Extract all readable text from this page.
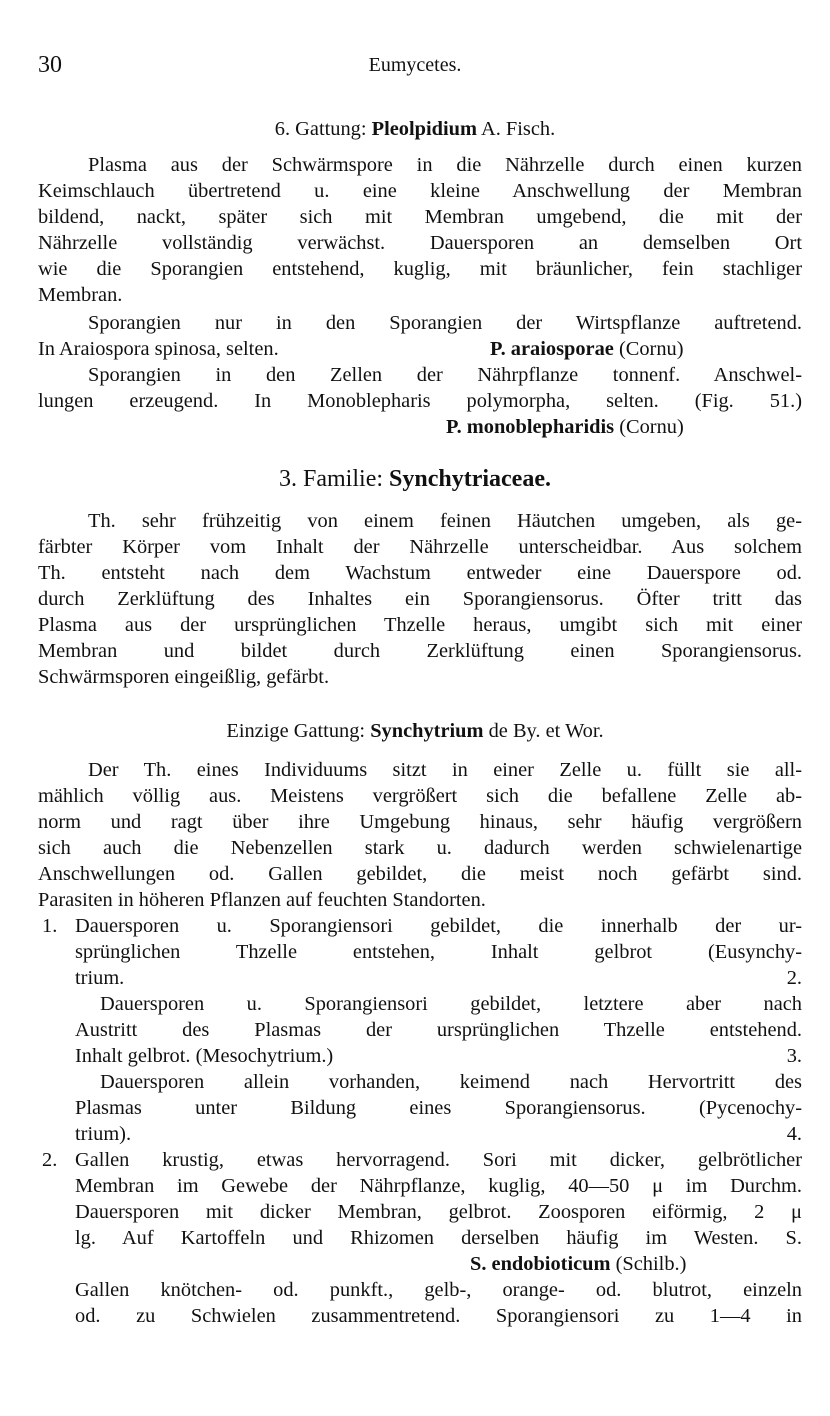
30	Eumycetes.
6. Gattung: Pleolpidium A. Fisch.
Plasma aus der Schwärmspore in die Nährzelle durch einen kurzen
Keimschlauch übertretend u. eine kleine Anschwellung der Membran
bildend, nackt, später sich mit Membran umgebend, die mit der
Nährzelle vollständig verwächst. Dauersporen an demselben Ort
wie die Sporangien entstehend, kuglig, mit bräunlicher, fein stachliger
Membran.
Sporangien nur in den Sporangien der Wirtspflanze auftretend.
In Araiospora spinosa, selten.	P. araiosporae (Cornu)
Sporangien in den Zellen der Nährpflanze tonnenf. Anschwel-
lungen erzeugend. In Monoblepharis polymorpha, selten. (Fig. 51.)
P. monoblepharidis (Cornu)
3. Familie: Synchytriaceae.
Th. sehr frühzeitig von einem feinen Häutchen umgeben, als ge-
färbter Körper vom Inhalt der Nährzelle unterscheidbar. Aus solchem
Th. entsteht nach dem Wachstum entweder eine Dauerspore od.
durch Zerklüftung des Inhaltes ein Sporangiensorus. Öfter tritt das
Plasma aus der ursprünglichen Thzelle heraus, umgibt sich mit einer
Membran und bildet durch Zerklüftung einen Sporangiensorus.
Schwärmsporen eingeißlig, gefärbt.
Einzige Gattung: Synchytrium de By. et Wor.
Der Th. eines Individuums sitzt in einer Zelle u. füllt sie all-
mählich völlig aus. Meistens vergrößert sich die befallene Zelle ab-
norm und ragt über ihre Umgebung hinaus, sehr häufig vergrößern
sich auch die Nebenzellen stark u. dadurch werden schwielenartige
Anschwellungen od. Gallen gebildet, die meist noch gefärbt sind.
Parasiten in höheren Pflanzen auf feuchten Standorten.
1. Dauersporen u. Sporangiensori gebildet, die innerhalb der ur-
sprünglichen Thzelle entstehen, Inhalt gelbrot (Eusynchy-
trium.	2.
Dauersporen u. Sporangiensori gebildet, letztere aber nach
Austritt des Plasmas der ursprünglichen Thzelle entstehend.
Inhalt gelbrot. (Mesochytrium.)	3.
Dauersporen allein vorhanden, keimend nach Hervortritt des
Plasmas unter Bildung eines Sporangiensorus. (Pycenochy-
trium).	4.
2. Gallen krustig, etwas hervorragend. Sori mit dicker, gelbrötlicher
Membran im Gewebe der Nährpflanze, kuglig, 40—50 μ im Durchm.
Dauersporen mit dicker Membran, gelbrot. Zoosporen eiförmig, 2 μ
lg. Auf Kartoffeln und Rhizomen derselben häufig im Westen. S.
S. endobioticum (Schilb.)
Gallen knötchen- od. punkft., gelb-, orange- od. blutrot, einzeln
od. zu Schwielen zusammentretend. Sporangiensori zu 1—4 in
